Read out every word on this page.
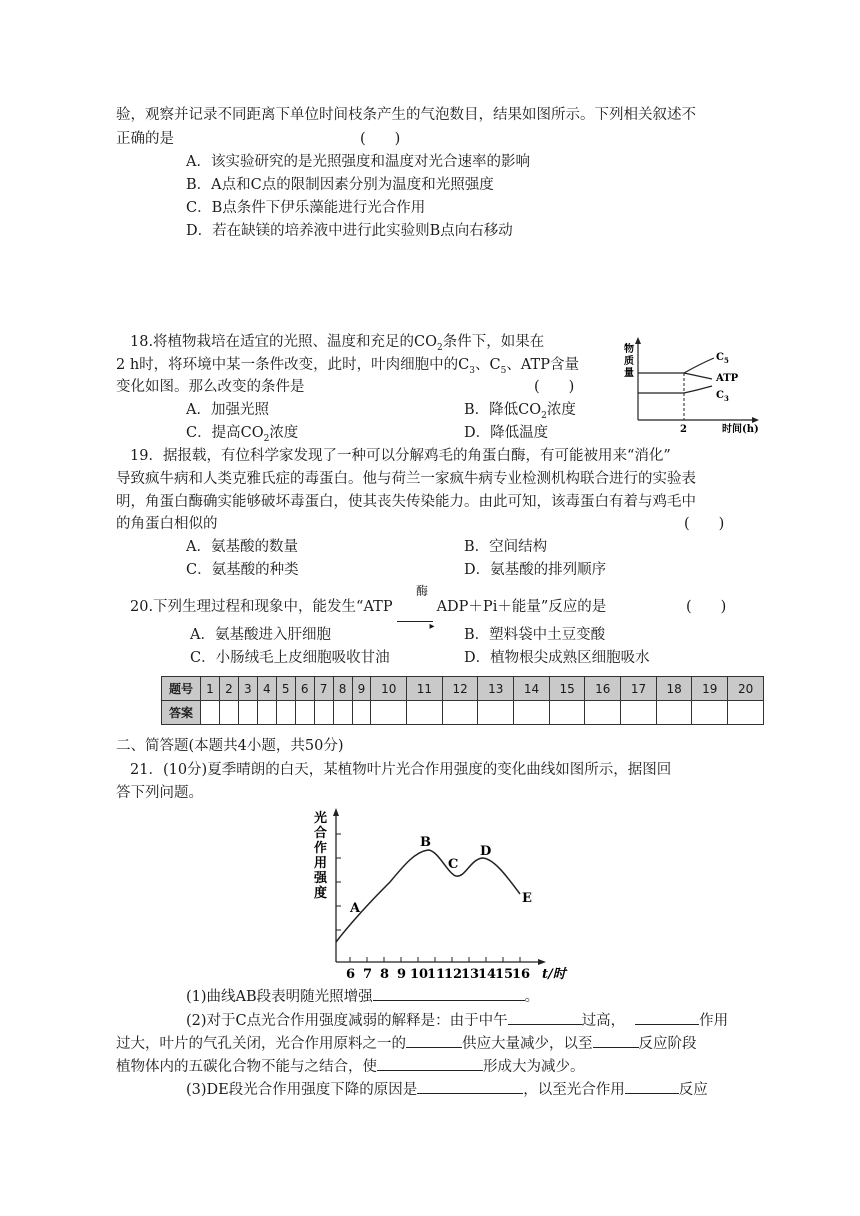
验，观察并记录不同距离下单位时间枝条产生的气泡数目，结果如图所示。下列相关叙述不
正确的是	(　　)
A．该实验研究的是光照强度和温度对光合速率的影响
B．A点和C点的限制因素分别为温度和光照强度
C．B点条件下伊乐藻能进行光合作用
D．若在缺镁的培养液中进行此实验则B点向右移动
18.将植物栽培在适宜的光照、温度和充足的$CO_2$条件下，如果在
2 h时，将环境中某一条件改变，此时，叶肉细胞中的$C_3$、$C_5$、ATP含量
变化如图。那么改变的条件是	(　　)
A．加强光照	B．降低$CO_2$浓度
C．提高$CO_2$浓度	D．降低温度
物
质
量
$C_5$
ATP
$C_3$
2	时间(h)
19．据报载，有位科学家发现了一种可以分解鸡毛的角蛋白酶，有可能被用来“消化”
导致疯牛病和人类克雅氏症的毒蛋白。他与荷兰一家疯牛病专业检测机构联合进行的实验表
明，角蛋白酶确实能够破坏毒蛋白，使其丧失传染能力。由此可知，该毒蛋白有着与鸡毛中
的角蛋白相似的	(　　)
A．氨基酸的数量	B．空间结构
C．氨基酸的种类	D．氨基酸的排列顺序
20.下列生理过程和现象中，能发生“ATP
▸
ADP＋Pi＋能量”反应的是
酶
(　　)
A．氨基酸进入肝细胞	B．塑料袋中土豆变酸
C．小肠绒毛上皮细胞吸收甘油	D．植物根尖成熟区细胞吸水
题号	1	2	3	4	5	6	7	8	9	10	11	12	13	14	15	16	17	18	19	20
答案																				
二、简答题(本题共4小题，共50分)
21．(10分)夏季晴朗的白天，某植物叶片光合作用强度的变化曲线如图所示，据图回
答下列问题。
光
合
作
用
强
度
A
B
C
D
E
6 7 8 9 10
11
12
13
14
15
16 t/时
(1)曲线AB段表明随光照增强	。
(2)对于C点光合作用强度减弱的解释是：由于中午	过高，	作用
过大，叶片的气孔关闭，光合作用原料之一的	供应大量减少，以至	反应阶段
植物体内的五碳化合物不能与之结合，使	形成大为减少。
(3)DE段光合作用强度下降的原因是	，以至光合作用	反应
